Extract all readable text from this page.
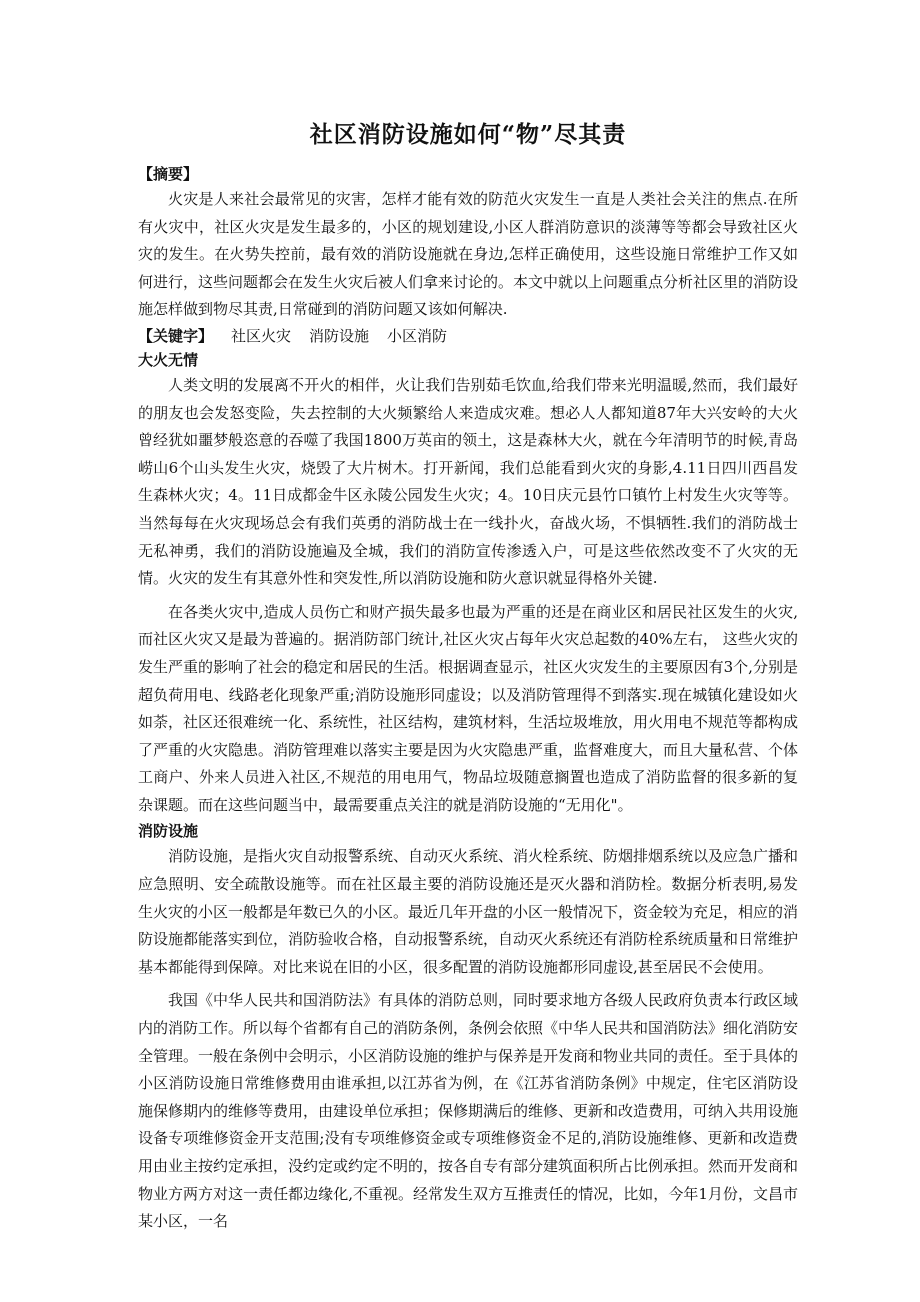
社区消防设施如何“物”尽其责

【摘要】

火灾是人来社会最常见的灾害，怎样才能有效的防范火灾发生一直是人类社会关注的焦点.在所有火灾中，社区火灾是发生最多的，小区的规划建设,小区人群消防意识的淡薄等等都会导致社区火灾的发生。在火势失控前，最有效的消防设施就在身边,怎样正确使用，这些设施日常维护工作又如何进行，这些问题都会在发生火灾后被人们拿来讨论的。本文中就以上问题重点分析社区里的消防设施怎样做到物尽其责,日常碰到的消防问题又该如何解决.

【关键字】 社区火灾 消防设施 小区消防

大火无情

人类文明的发展离不开火的相伴，火让我们告别茹毛饮血,给我们带来光明温暖,然而，我们最好的朋友也会发怒变险，失去控制的大火频繁给人来造成灾难。想必人人都知道87年大兴安岭的大火曾经犹如噩梦般恣意的吞噬了我国1800万英亩的领土，这是森林大火，就在今年清明节的时候,青岛崂山6个山头发生火灾，烧毁了大片树木。打开新闻，我们总能看到火灾的身影,4.11日四川西昌发生森林火灾；4。11日成都金牛区永陵公园发生火灾；4。10日庆元县竹口镇竹上村发生火灾等等。当然每每在火灾现场总会有我们英勇的消防战士在一线扑火，奋战火场，不惧牺牲.我们的消防战士无私神勇，我们的消防设施遍及全城，我们的消防宣传渗透入户，可是这些依然改变不了火灾的无情。火灾的发生有其意外性和突发性,所以消防设施和防火意识就显得格外关键.

在各类火灾中,造成人员伤亡和财产损失最多也最为严重的还是在商业区和居民社区发生的火灾,而社区火灾又是最为普遍的。据消防部门统计,社区火灾占每年火灾总起数的40%左右， 这些火灾的发生严重的影响了社会的稳定和居民的生活。根据调查显示，社区火灾发生的主要原因有3个,分别是超负荷用电、线路老化现象严重;消防设施形同虚设；以及消防管理得不到落实.现在城镇化建设如火如荼，社区还很难统一化、系统性，社区结构，建筑材料，生活垃圾堆放，用火用电不规范等都构成了严重的火灾隐患。消防管理难以落实主要是因为火灾隐患严重，监督难度大，而且大量私营、个体工商户、外来人员进入社区,不规范的用电用气，物品垃圾随意搁置也造成了消防监督的很多新的复杂课题。而在这些问题当中，最需要重点关注的就是消防设施的“无用化"。

消防设施

消防设施，是指火灾自动报警系统、自动灭火系统、消火栓系统、防烟排烟系统以及应急广播和应急照明、安全疏散设施等。而在社区最主要的消防设施还是灭火器和消防栓。数据分析表明,易发生火灾的小区一般都是年数已久的小区。最近几年开盘的小区一般情况下，资金较为充足，相应的消防设施都能落实到位，消防验收合格，自动报警系统，自动灭火系统还有消防栓系统质量和日常维护基本都能得到保障。对比来说在旧的小区，很多配置的消防设施都形同虚设,甚至居民不会使用。

我国《中华人民共和国消防法》有具体的消防总则，同时要求地方各级人民政府负责本行政区域内的消防工作。所以每个省都有自己的消防条例，条例会依照《中华人民共和国消防法》细化消防安全管理。一般在条例中会明示，小区消防设施的维护与保养是开发商和物业共同的责任。至于具体的小区消防设施日常维修费用由谁承担,以江苏省为例，在《江苏省消防条例》中规定，住宅区消防设施保修期内的维修等费用，由建设单位承担；保修期满后的维修、更新和改造费用，可纳入共用设施设备专项维修资金开支范围;没有专项维修资金或专项维修资金不足的,消防设施维修、更新和改造费用由业主按约定承担，没约定或约定不明的，按各自专有部分建筑面积所占比例承担。然而开发商和物业方两方对这一责任都边缘化,不重视。经常发生双方互推责任的情况，比如，今年1月份，文昌市某小区，一名
